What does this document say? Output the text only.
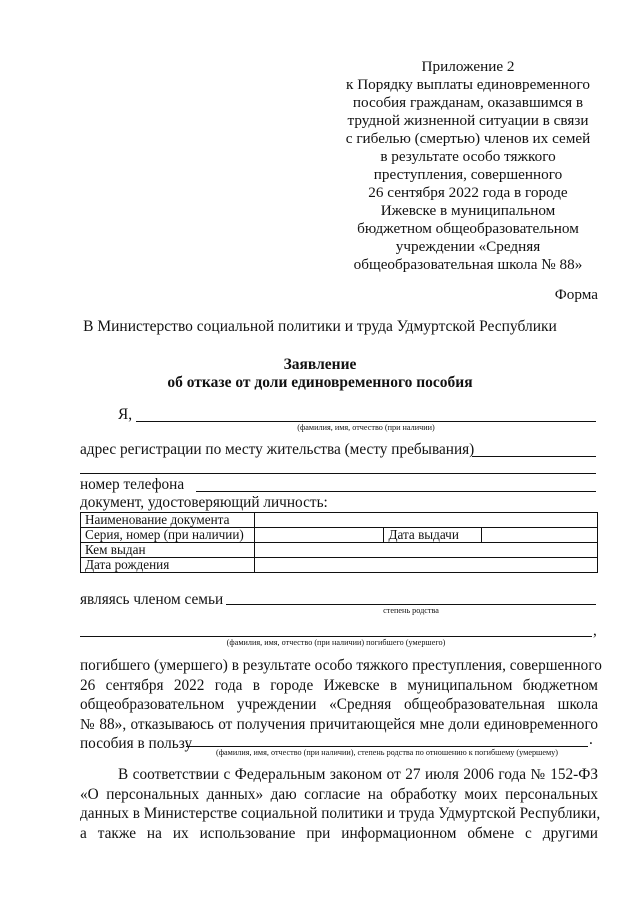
Приложение 2
к Порядку выплаты единовременного
пособия гражданам, оказавшимся в
трудной жизненной ситуации в связи
с гибелью (смертью) членов их семей
в результате особо тяжкого
преступления, совершенного
26 сентября 2022 года в городе
Ижевске в муниципальном
бюджетном общеобразовательном
учреждении «Средняя
общеобразовательная школа № 88»
Форма
В Министерство социальной политики и труда Удмуртской Республики
Заявление
об отказе от доли единовременного пособия
Я,
(фамилия, имя, отчество (при наличии)
адрес регистрации по месту жительства (месту пребывания)
номер телефона
документ, удостоверяющий личность:
Наименование документа			
Серия, номер (при наличии)		Дата выдачи	
Кем выдан			
Дата рождения			
являясь членом семьи
степень родства
,
(фамилия, имя, отчество (при наличии) погибшего (умершего)
погибшего (умершего) в результате особо тяжкого преступления, совершенного
26 сентября 2022 года в городе Ижевске в муниципальном бюджетном
общеобразовательном учреждении «Средняя общеобразовательная школа
№ 88», отказываюсь от получения причитающейся мне доли единовременного
пособия в пользу	.
(фамилия, имя, отчество (при наличии), степень родства по отношению к погибшему (умершему)
В соответствии с Федеральным законом от 27 июля 2006 года № 152-ФЗ
«О персональных данных» даю согласие на обработку моих персональных
данных в Министерстве социальной политики и труда Удмуртской Республики,
а также на их использование при информационном обмене с другими
